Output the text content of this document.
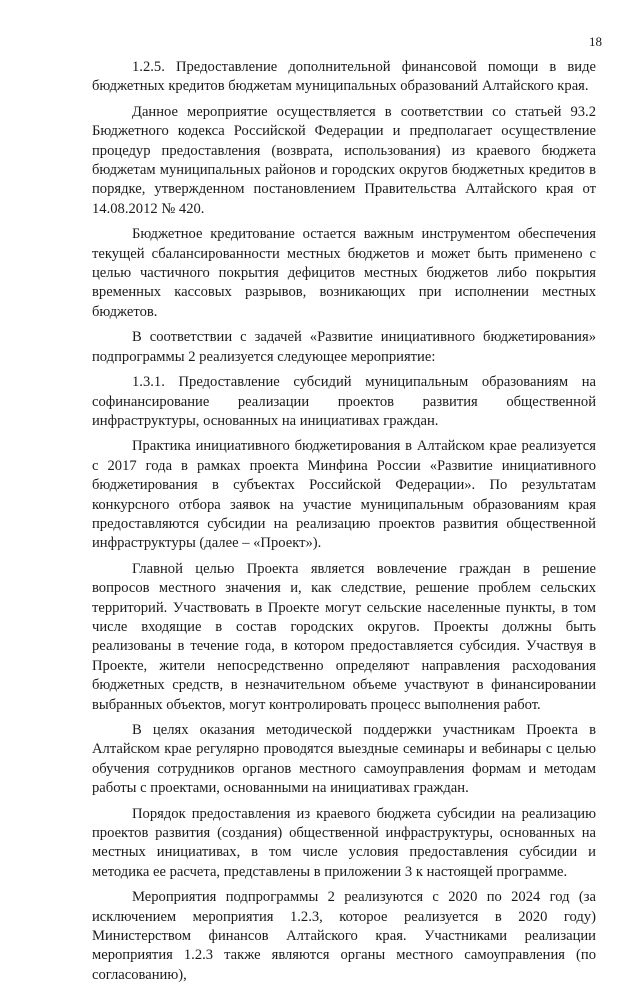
18

1.2.5. Предоставление дополнительной финансовой помощи в виде бюджетных кредитов бюджетам муниципальных образований Алтайского края.

Данное мероприятие осуществляется в соответствии со статьей 93.2 Бюджетного кодекса Российской Федерации и предполагает осуществление процедур предоставления (возврата, использования) из краевого бюджета бюджетам муниципальных районов и городских округов бюджетных кредитов в порядке, утвержденном постановлением Правительства Алтайского края от 14.08.2012 № 420.

Бюджетное кредитование остается важным инструментом обеспечения текущей сбалансированности местных бюджетов и может быть применено с целью частичного покрытия дефицитов местных бюджетов либо покрытия временных кассовых разрывов, возникающих при исполнении местных бюджетов.

В соответствии с задачей «Развитие инициативного бюджетирования» подпрограммы 2 реализуется следующее мероприятие:

1.3.1. Предоставление субсидий муниципальным образованиям на софинансирование реализации проектов развития общественной инфраструктуры, основанных на инициативах граждан.

Практика инициативного бюджетирования в Алтайском крае реализуется с 2017 года в рамках проекта Минфина России «Развитие инициативного бюджетирования в субъектах Российской Федерации». По результатам конкурсного отбора заявок на участие муниципальным образованиям края предоставляются субсидии на реализацию проектов развития общественной инфраструктуры (далее – «Проект»).

Главной целью Проекта является вовлечение граждан в решение вопросов местного значения и, как следствие, решение проблем сельских территорий. Участвовать в Проекте могут сельские населенные пункты, в том числе входящие в состав городских округов. Проекты должны быть реализованы в течение года, в котором предоставляется субсидия. Участвуя в Проекте, жители непосредственно определяют направления расходования бюджетных средств, в незначительном объеме участвуют в финансировании выбранных объектов, могут контролировать процесс выполнения работ.

В целях оказания методической поддержки участникам Проекта в Алтайском крае регулярно проводятся выездные семинары и вебинары с целью обучения сотрудников органов местного самоуправления формам и методам работы с проектами, основанными на инициативах граждан.

Порядок предоставления из краевого бюджета субсидии на реализацию проектов развития (создания) общественной инфраструктуры, основанных на местных инициативах, в том числе условия предоставления субсидии и методика ее расчета, представлены в приложении 3 к настоящей программе.

Мероприятия подпрограммы 2 реализуются с 2020 по 2024 год (за исключением мероприятия 1.2.3, которое реализуется в 2020 году) Министерством финансов Алтайского края. Участниками реализации мероприятия 1.2.3 также являются органы местного самоуправления (по согласованию),
